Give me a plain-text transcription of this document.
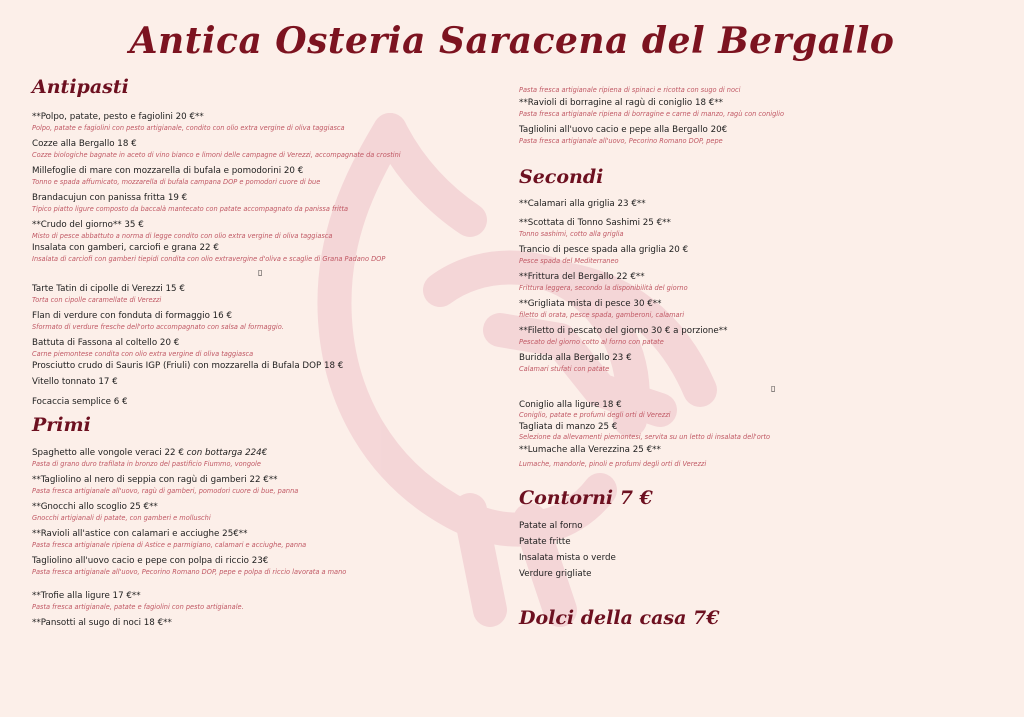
Antica Osteria Saracena del Bergallo
Antipasti

**Polpo, patate, pesto e fagiolini 20 €**

Polpo, patate e fagiolini con pesto artigianale, condito con olio extra vergine di oliva taggiasca

Cozze alla Bergallo 18 €

Cozze biologiche bagnate in aceto di vino bianco e limoni delle campagne di Verezzi, accompagnate da crostini

Millefoglie di mare con mozzarella di bufala e pomodorini 20 €

Tonno e spada affumicato, mozzarella di bufala campana DOP e pomodori cuore di bue

Brandacujun con panissa fritta 19 €

Tipico piatto ligure composto da baccalà mantecato con patate accompagnato da panissa fritta

**Crudo del giorno** 35 €

Misto di pesce abbattuto a norma di legge condito con olio extra vergine di oliva taggiasca

Insalata con gamberi, carciofi e grana 22 €

Insalata di carciofi con gamberi tiepidi condita con olio extravergine d'oliva e scaglie di Grana Padano DOP

▯

Tarte Tatin di cipolle di Verezzi 15 €

Torta con cipolle caramellate di Verezzi

Flan di verdure con fonduta di formaggio 16 €

Sformato di verdure fresche dell'orto accompagnato con salsa al formaggio.

Battuta di Fassona al coltello 20 €

Carne piemontese condita con olio extra vergine di oliva taggiasca

Prosciutto crudo di Sauris IGP (Friuli) con mozzarella di Bufala DOP 18 €

Vitello tonnato 17 €

Focaccia semplice 6 €

Primi

Spaghetto alle vongole veraci 22 € con bottarga 224€

Pasta di grano duro trafilata in bronzo del pastificio Fiummo, vongole

**Tagliolino al nero di seppia con ragù di gamberi 22 €**

Pasta fresca artigianale all'uovo, ragù di gamberi, pomodori cuore di bue, panna

**Gnocchi allo scoglio 25 €**

Gnocchi artigianali di patate, con gamberi e molluschi

**Ravioli all'astice con calamari e acciughe 25€**

Pasta fresca artigianale ripiena di Astice e parmigiano, calamari e acciughe, panna

Tagliolino all'uovo cacio e pepe con polpa di riccio 23€

Pasta fresca artigianale all'uovo, Pecorino Romano DOP, pepe e polpa di riccio lavorata a mano

**Trofie alla ligure 17 €**

Pasta fresca artigianale, patate e fagiolini con pesto artigianale.

**Pansotti al sugo di noci 18 €**

Pasta fresca artigianale ripiena di spinaci e ricotta con sugo di noci

**Ravioli di borragine al ragù di coniglio 18 €**

Pasta fresca artigianale ripiena di borragine e carne di manzo, ragù con coniglio

Tagliolini all'uovo cacio e pepe alla Bergallo 20€

Pasta fresca artigianale all'uovo, Pecorino Romano DOP, pepe

Secondi

**Calamari alla griglia 23 €**

**Scottata di Tonno Sashimi 25 €**

Tonno sashimi, cotto alla griglia

Trancio di pesce spada alla griglia 20 €

Pesce spada del Mediterraneo

**Frittura del Bergallo 22 €**

Frittura leggera, secondo la disponibilità del giorno

**Grigliata mista di pesce 30 €**

filetto di orata, pesce spada, gamberoni, calamari

**Filetto di pescato del giorno 30 € a porzione**

Pescato del giorno cotto al forno con patate

Buridda alla Bergallo 23 €

Calamari stufati con patate

▯

Coniglio alla ligure 18 €

Coniglio, patate e profumi degli orti di Verezzi

Tagliata di manzo 25 €

Selezione da allevamenti piemontesi, servita su un letto di insalata dell'orto

**Lumache alla Verezzina 25 €**

Lumache, mandorle, pinoli e profumi degli orti di Verezzi

Contorni 7 €

Patate al forno

Patate fritte

Insalata mista o verde

Verdure grigliate

Dolci della casa 7€
